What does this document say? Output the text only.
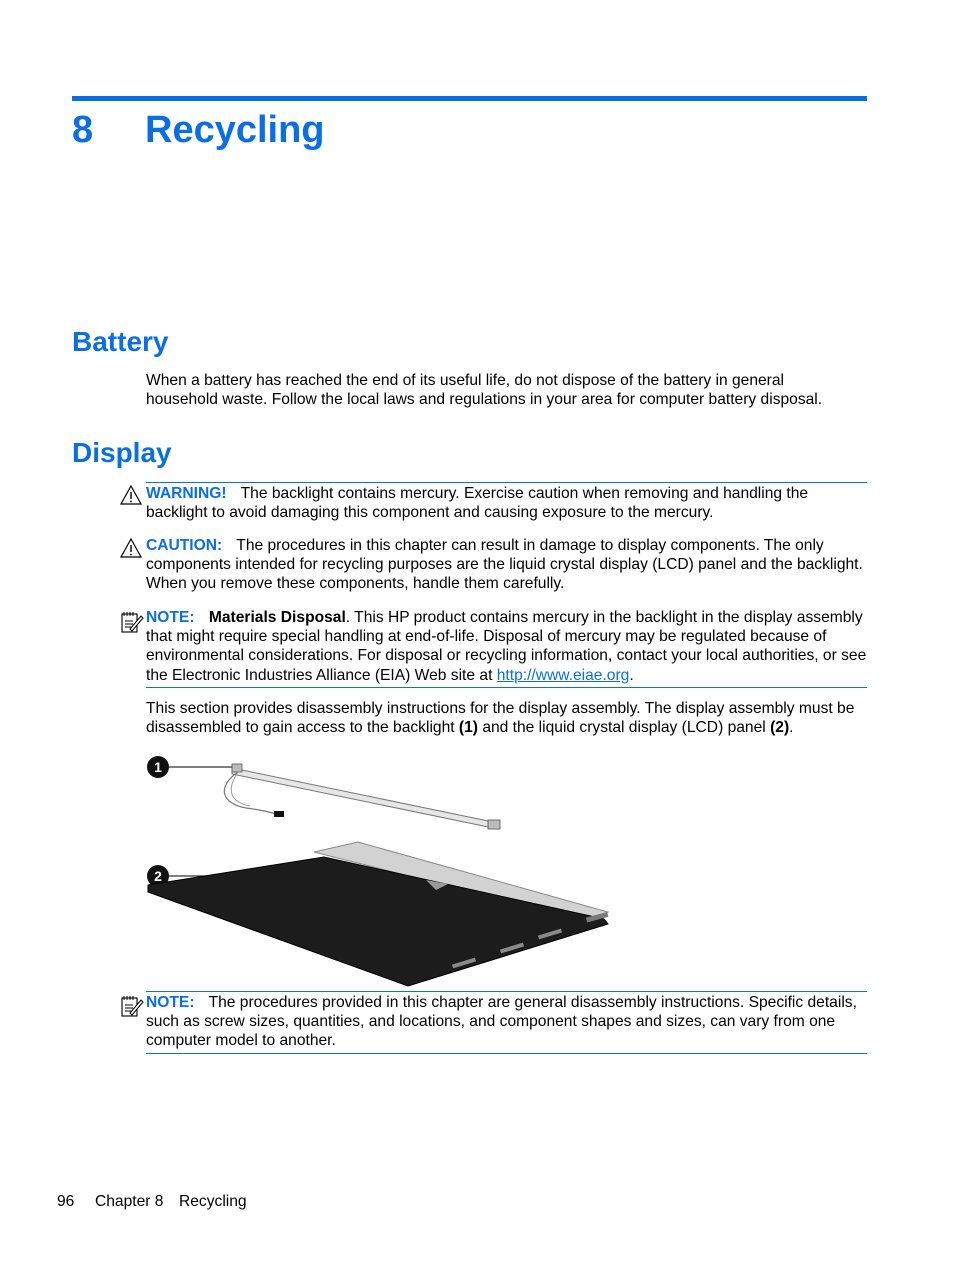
8 Recycling
Battery

When a battery has reached the end of its useful life, do not dispose of the battery in general household waste. Follow the local laws and regulations in your area for computer battery disposal.

Display
WARNING! The backlight contains mercury. Exercise caution when removing and handling the backlight to avoid damaging this component and causing exposure to the mercury.
CAUTION: The procedures in this chapter can result in damage to display components. The only components intended for recycling purposes are the liquid crystal display (LCD) panel and the backlight. When you remove these components, handle them carefully.
NOTE: Materials Disposal. This HP product contains mercury in the backlight in the display assembly that might require special handling at end-of-life. Disposal of mercury may be regulated because of environmental considerations. For disposal or recycling information, contact your local authorities, or see the Electronic Industries Alliance (EIA) Web site at http://www.eiae.org.

This section provides disassembly instructions for the display assembly. The display assembly must be disassembled to gain access to the backlight (1) and the liquid crystal display (LCD) panel (2).

1
2
NOTE: The procedures provided in this chapter are general disassembly instructions. Specific details, such as screw sizes, quantities, and locations, and component shapes and sizes, can vary from one computer model to another.
96 Chapter 8 Recycling
